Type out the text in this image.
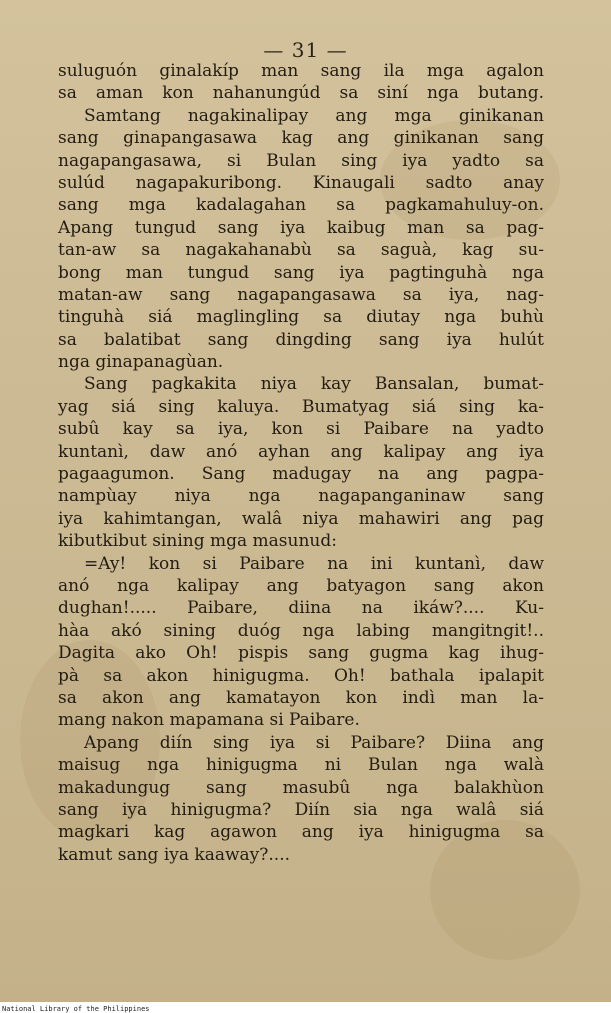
— 31 —
suluguón ginalakíp man sang ila mga agalon
sa aman kon nahanungúd sa siní nga butang.
Samtang nagakinalipay ang mga ginikanan
sang ginapangasawa kag ang ginikanan sang
nagapangasawa, si Bulan sing iya yadto sa
sulúd nagapakuribong. Kinaugali sadto anay
sang mga kadalagahan sa pagkamahuluy-on.
Apang tungud sang iya kaibug man sa pag-
tan-aw sa nagakahanabù sa saguà, kag su-
bong man tungud sang iya pagtinguhà nga
matan-aw sang nagapangasawa sa iya, nag-
tinguhà siá maglingling sa diutay nga buhù
sa balatibat sang dingding sang iya hulút
nga ginapanagùan.
Sang pagkakita niya kay Bansalan, bumat-
yag siá sing kaluya. Bumatyag siá sing ka-
subû kay sa iya, kon si Paibare na yadto
kuntanì, daw anó ayhan ang kalipay ang iya
pagaagumon. Sang madugay na ang pagpa-
nampùay niya nga nagapanganinaw sang
iya kahimtangan, walâ niya mahawiri ang pag
kibutkibut sining mga masunud:
=Ay! kon si Paibare na ini kuntanì, daw
anó nga kalipay ang batyagon sang akon
dughan!..... Paibare, diina na ikáw?.... Ku-
hàa akó sining duóg nga labing mangitngit!..
Dagita ako Oh! pispis sang gugma kag ihug-
pà sa akon hinigugma. Oh! bathala ipalapit
sa akon ang kamatayon kon indì man la-
mang nakon mapamana si Paibare.
Apang diín sing iya si Paibare? Diina ang
maisug nga hinigugma ni Bulan nga walà
makadungug sang masubû nga balakhùon
sang iya hinigugma? Diín sia nga walâ siá
magkari kag agawon ang iya hinigugma sa
kamut sang iya kaaway?....
National Library of the Philippines
